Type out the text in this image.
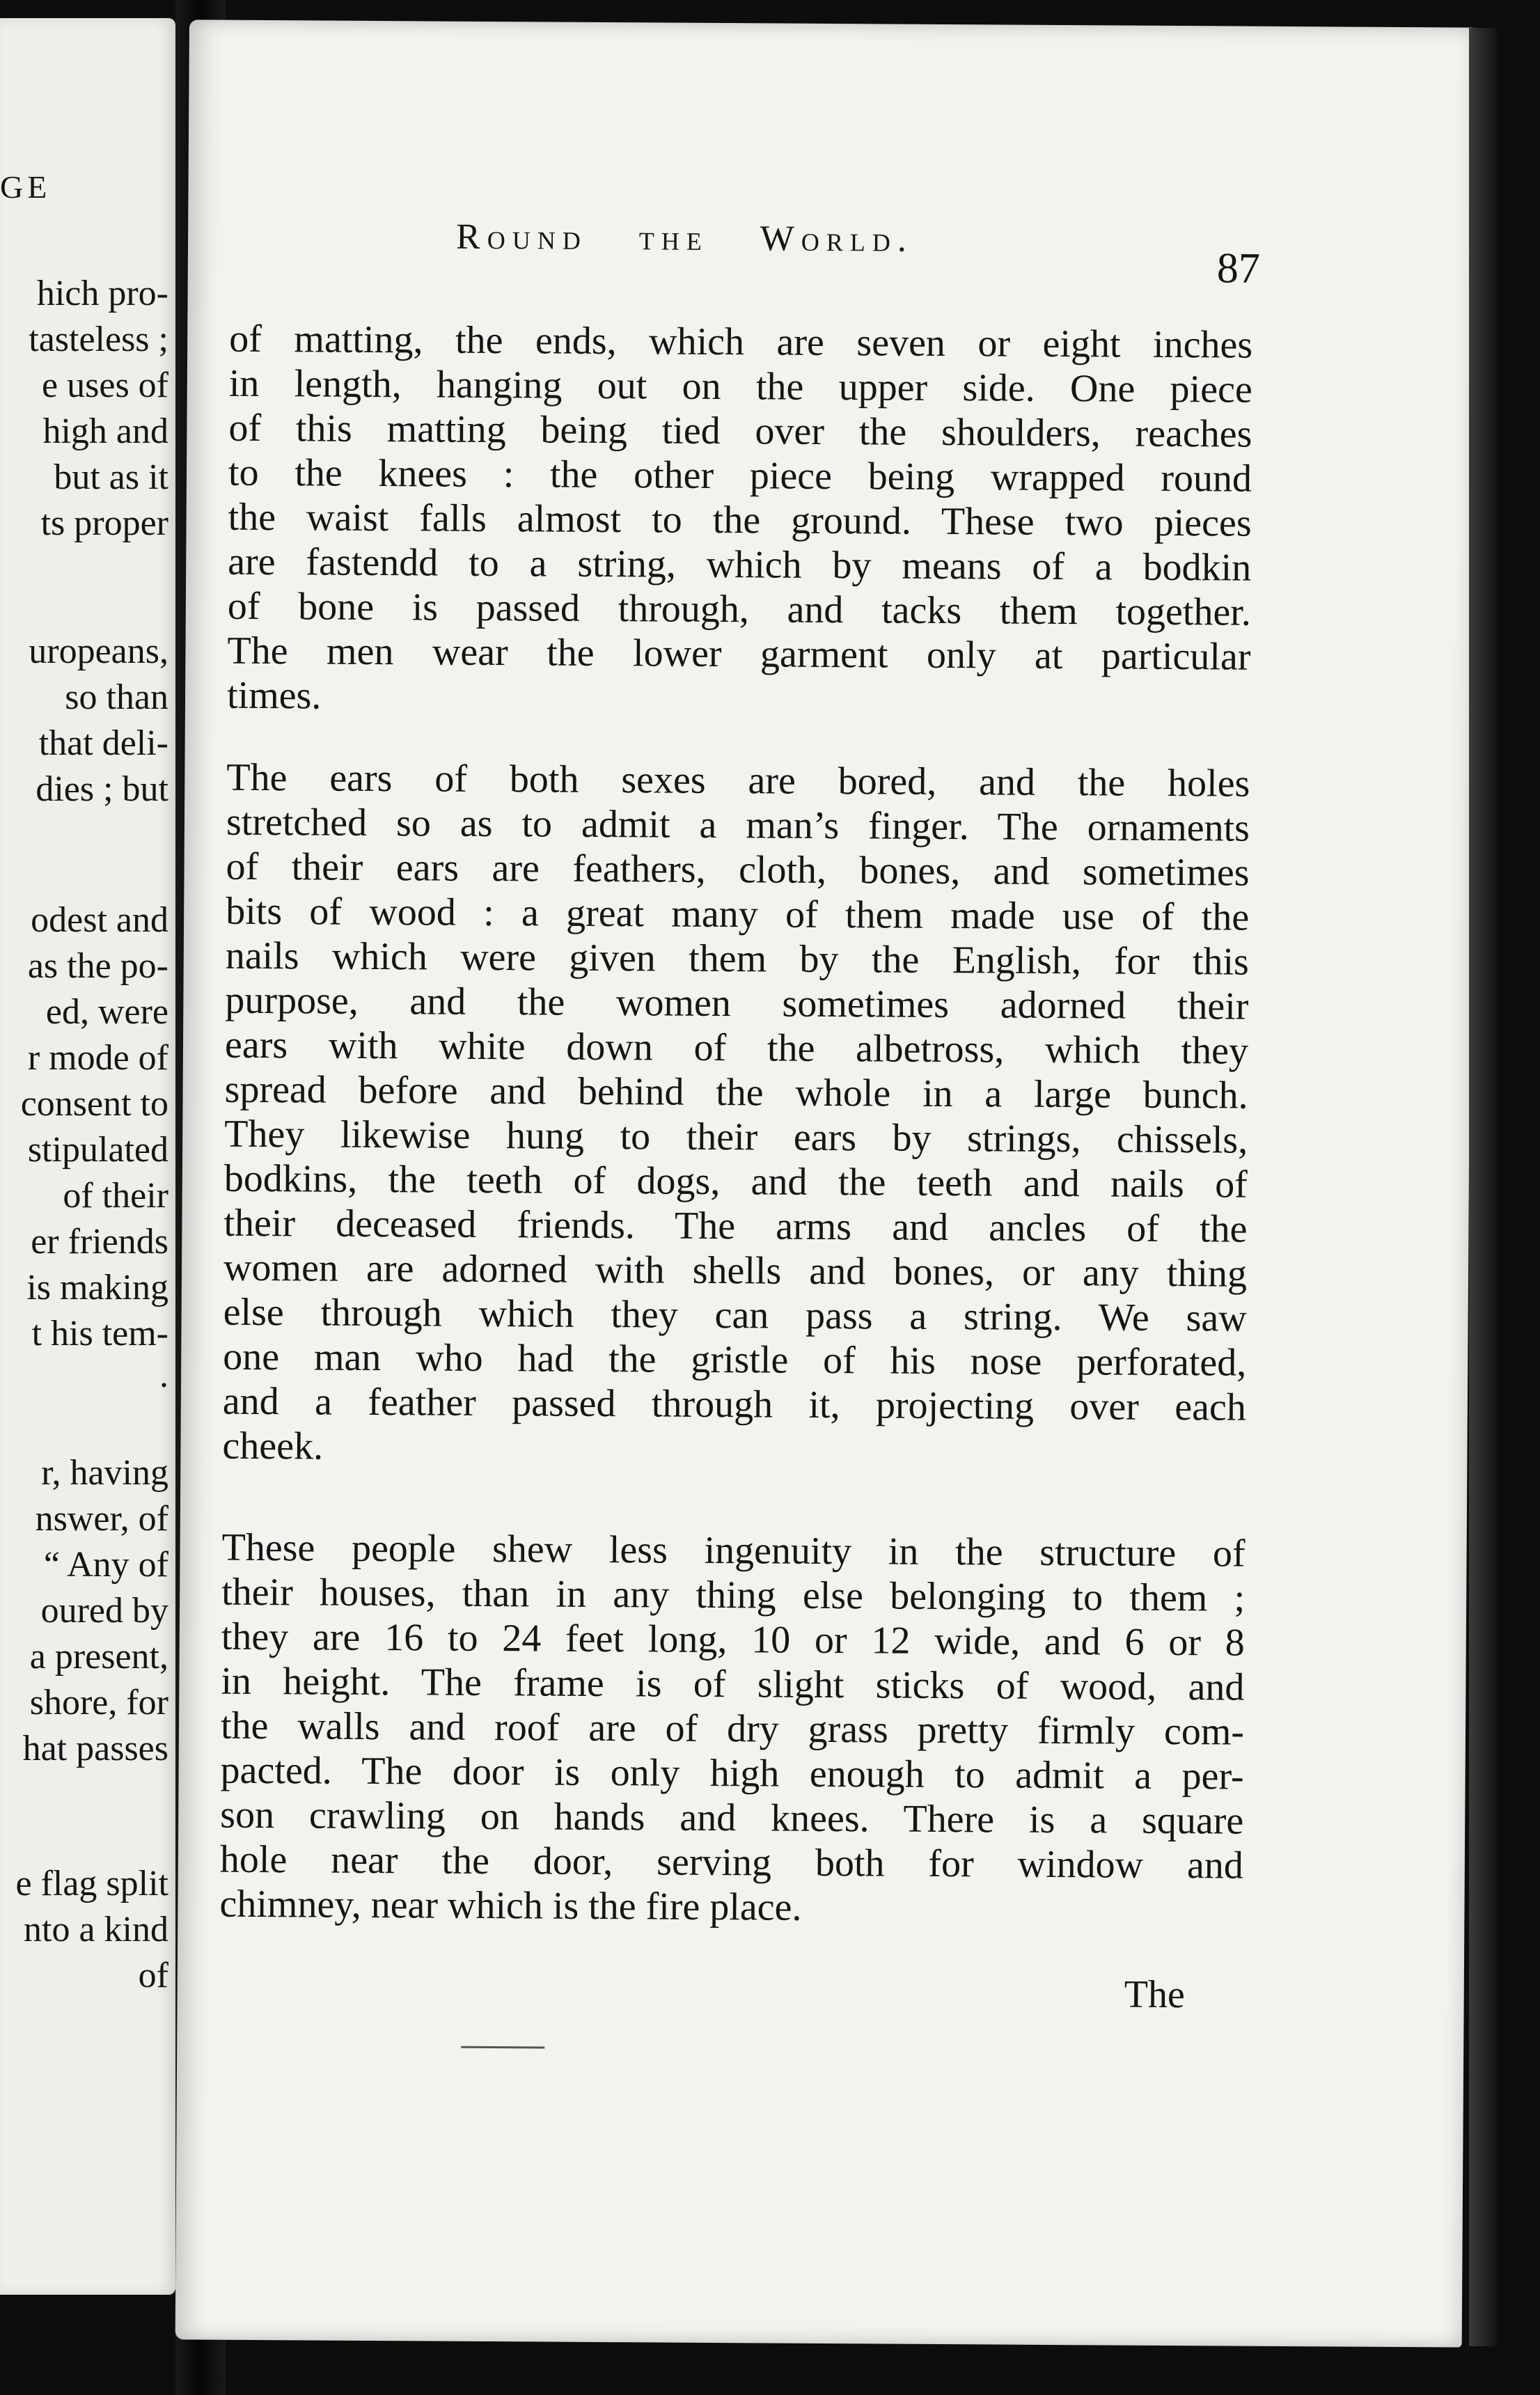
GE
hich pro-
tasteless ;
e uses of
high and
but as it
ts proper
uropeans,
so than
that deli-
dies ; but
odest and
as the po-
ed, were
r mode of
consent to
stipulated
of their
er friends
is making
t his tem-
.
r, having
nswer, of
“ Any of
oured by
a present,
shore, for
hat passes
e flag split
nto a kind
of
Round the World.
87
of matting, the ends, which are seven or eight inches
in length, hanging out on the upper side. One piece
of this matting being tied over the shoulders, reaches
to the knees : the other piece being wrapped round
the waist falls almost to the ground. These two pieces
are fastendd to a string, which by means of a bodkin
of bone is passed through, and tacks them together.
The men wear the lower garment only at particular
times.
The ears of both sexes are bored, and the holes
stretched so as to admit a man’s finger. The ornaments
of their ears are feathers, cloth, bones, and sometimes
bits of wood : a great many of them made use of the
nails which were given them by the English, for this
purpose, and the women sometimes adorned their
ears with white down of the albetross, which they
spread before and behind the whole in a large bunch.
They likewise hung to their ears by strings, chissels,
bodkins, the teeth of dogs, and the teeth and nails of
their deceased friends. The arms and ancles of the
women are adorned with shells and bones, or any thing
else through which they can pass a string. We saw
one man who had the gristle of his nose perforated,
and a feather passed through it, projecting over each
cheek.
These people shew less ingenuity in the structure of
their houses, than in any thing else belonging to them ;
they are 16 to 24 feet long, 10 or 12 wide, and 6 or 8
in height. The frame is of slight sticks of wood, and
the walls and roof are of dry grass pretty firmly com-
pacted. The door is only high enough to admit a per-
son crawling on hands and knees. There is a square
hole near the door, serving both for window and
chimney, near which is the fire place.
The
